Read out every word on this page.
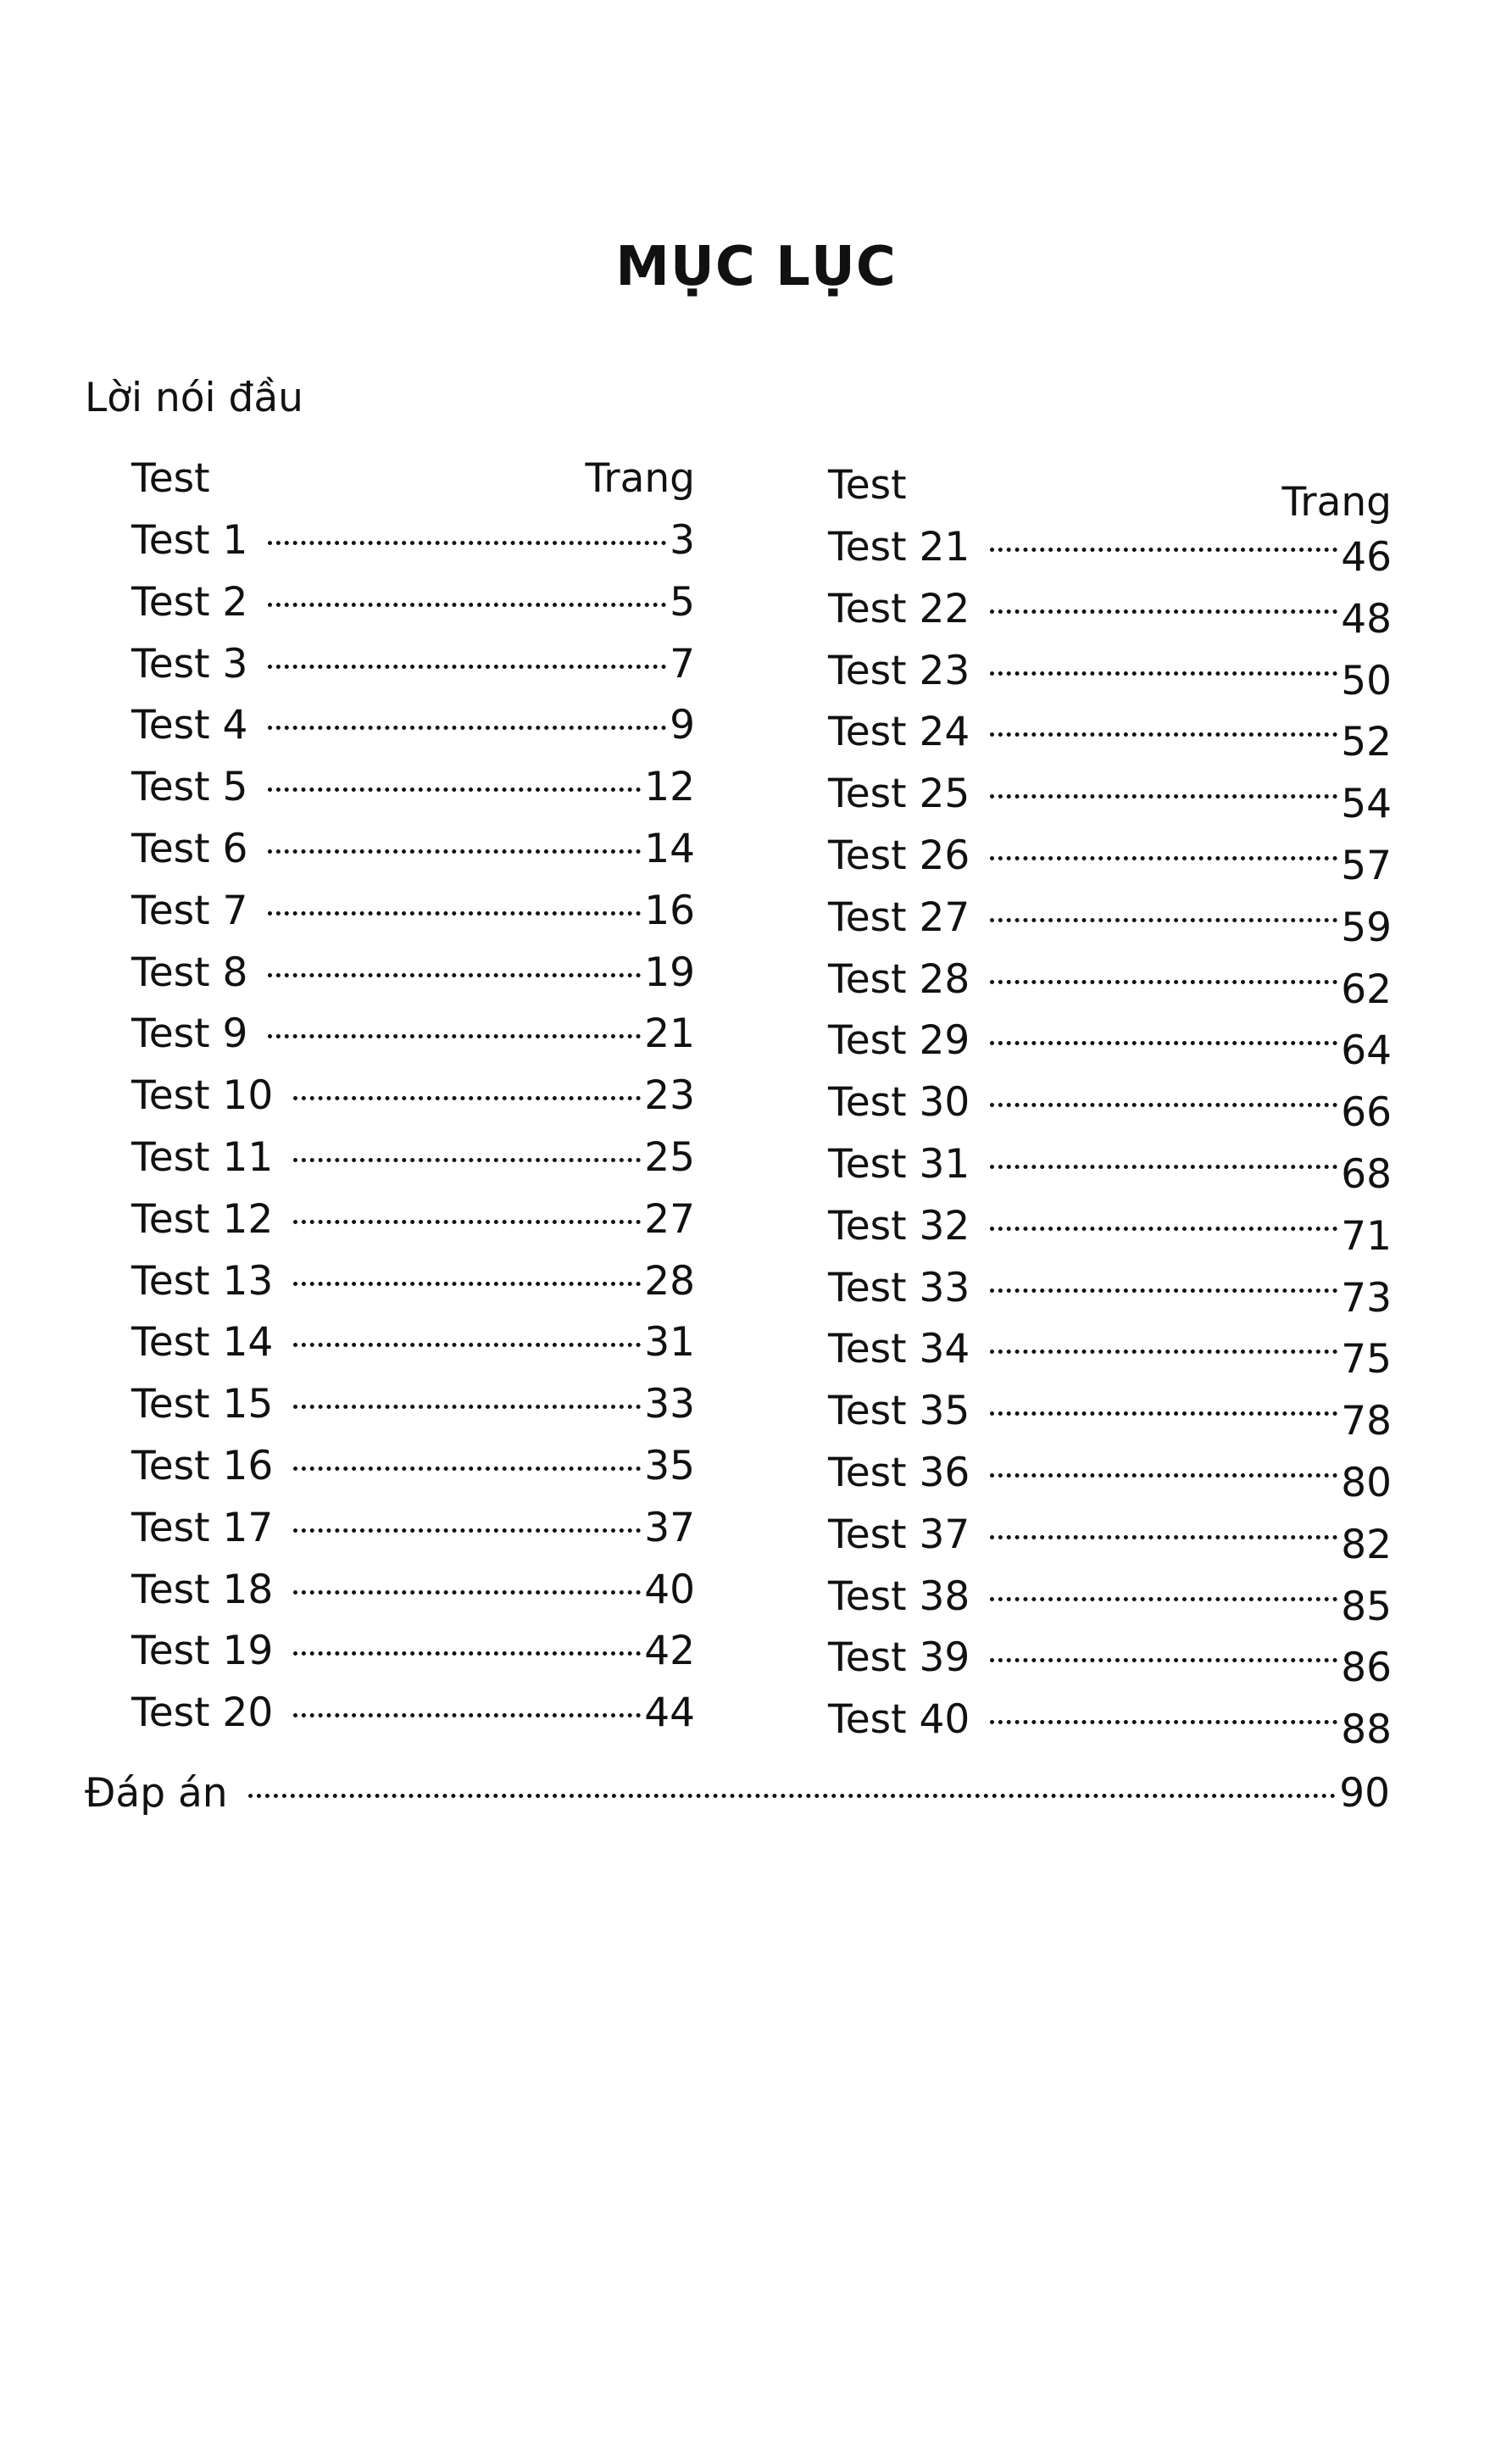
MỤC LỤC
Lời nói đầu
Test	Trang
Test 1	3
Test 2	5
Test 3	7
Test 4	9
Test 5	12
Test 6	14
Test 7	16
Test 8	19
Test 9	21
Test 10	23
Test 11	25
Test 12	27
Test 13	28
Test 14	31
Test 15	33
Test 16	35
Test 17	37
Test 18	40
Test 19	42
Test 20	44
Test	Trang
Test 21	46
Test 22	48
Test 23	50
Test 24	52
Test 25	54
Test 26	57
Test 27	59
Test 28	62
Test 29	64
Test 30	66
Test 31	68
Test 32	71
Test 33	73
Test 34	75
Test 35	78
Test 36	80
Test 37	82
Test 38	85
Test 39	86
Test 40	88
Đáp án	90
